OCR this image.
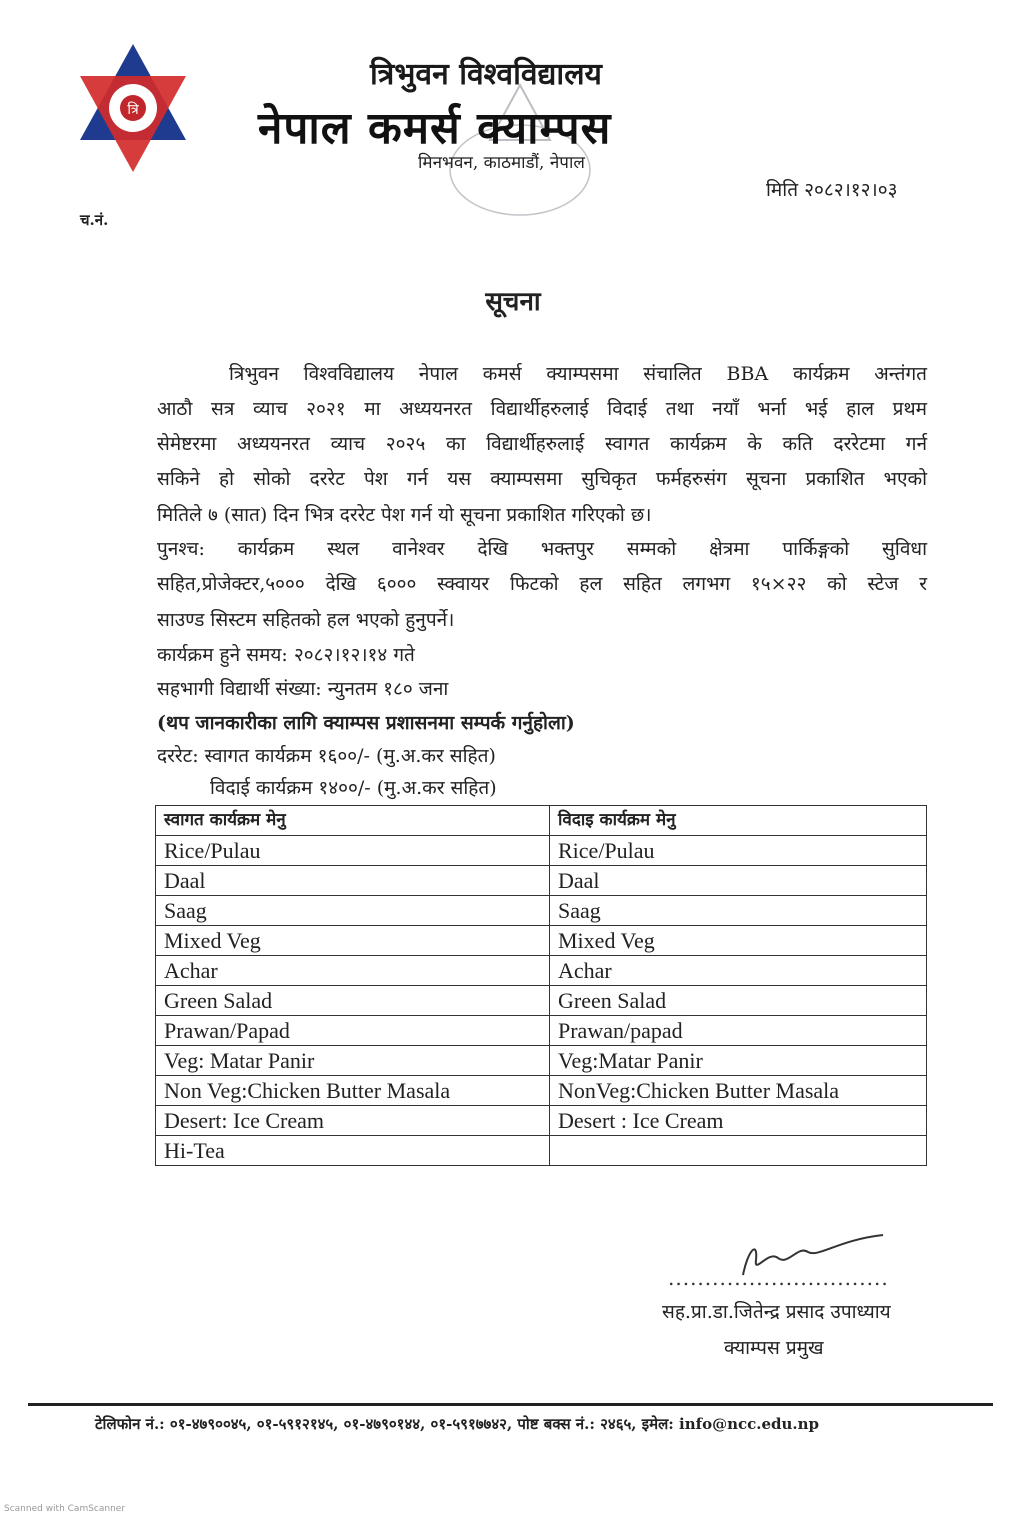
त्रि
त्रिभुवन विश्वविद्यालय
नेपाल कमर्स क्याम्पस
मिनभवन, काठमाडौं, नेपाल
मिति २०८२।१२।०३
च.नं.
सूचना
त्रिभुवन विश्वविद्यालय नेपाल कमर्स क्याम्पसमा संचालित BBA कार्यक्रम अन्तंगत
आठौ सत्र व्याच २०२१ मा अध्ययनरत विद्यार्थीहरुलाई विदाई तथा नयाँ भर्ना भई हाल प्रथम
सेमेष्टरमा अध्ययनरत व्याच २०२५ का विद्यार्थीहरुलाई स्वागत कार्यक्रम के कति दररेटमा गर्न
सकिने हो सोको दररेट पेश गर्न यस क्याम्पसमा सुचिकृत फर्महरुसंग सूचना प्रकाशित भएको
मितिले ७ (सात) दिन भित्र दररेट पेश गर्न यो सूचना प्रकाशित गरिएको छ।
पुनश्च: कार्यक्रम स्थल वानेश्वर देखि भक्तपुर सम्मको क्षेत्रमा पार्किङ्गको सुविधा
सहित,प्रोजेक्टर,५००० देखि ६००० स्क्वायर फिटको हल सहित लगभग १५×२२ को स्टेज र
साउण्ड सिस्टम सहितको हल भएको हुनुपर्ने।
कार्यक्रम हुने समय: २०८२।१२।१४ गते
सहभागी विद्यार्थी संख्या: न्युनतम १८० जना
(थप जानकारीका लागि क्याम्पस प्रशासनमा सम्पर्क गर्नुहोला)
दररेट: स्वागत कार्यक्रम १६००/- (मु.अ.कर सहित)
विदाई कार्यक्रम १४००/- (मु.अ.कर सहित)
स्वागत कार्यक्रम मेनु	विदाइ कार्यक्रम मेनु
Rice/Pulau	Rice/Pulau
Daal	Daal
Saag	Saag
Mixed Veg	Mixed Veg
Achar	Achar
Green Salad	Green Salad
Prawan/Papad	Prawan/papad
Veg: Matar Panir	Veg:Matar Panir
Non Veg:Chicken Butter Masala	NonVeg:Chicken Butter Masala
Desert: Ice Cream	Desert : Ice Cream
Hi-Tea	
..............................
सह.प्रा.डा.जितेन्द्र प्रसाद उपाध्याय
क्याम्पस प्रमुख
टेलिफोन नं.: ०१-४७९००४५, ०१-५९१२१४५, ०१-४७९०१४४, ०१-५९१७७४२, पोष्ट बक्स नं.: २४६५, इमेल: info@ncc.edu.np
Scanned with CamScanner
